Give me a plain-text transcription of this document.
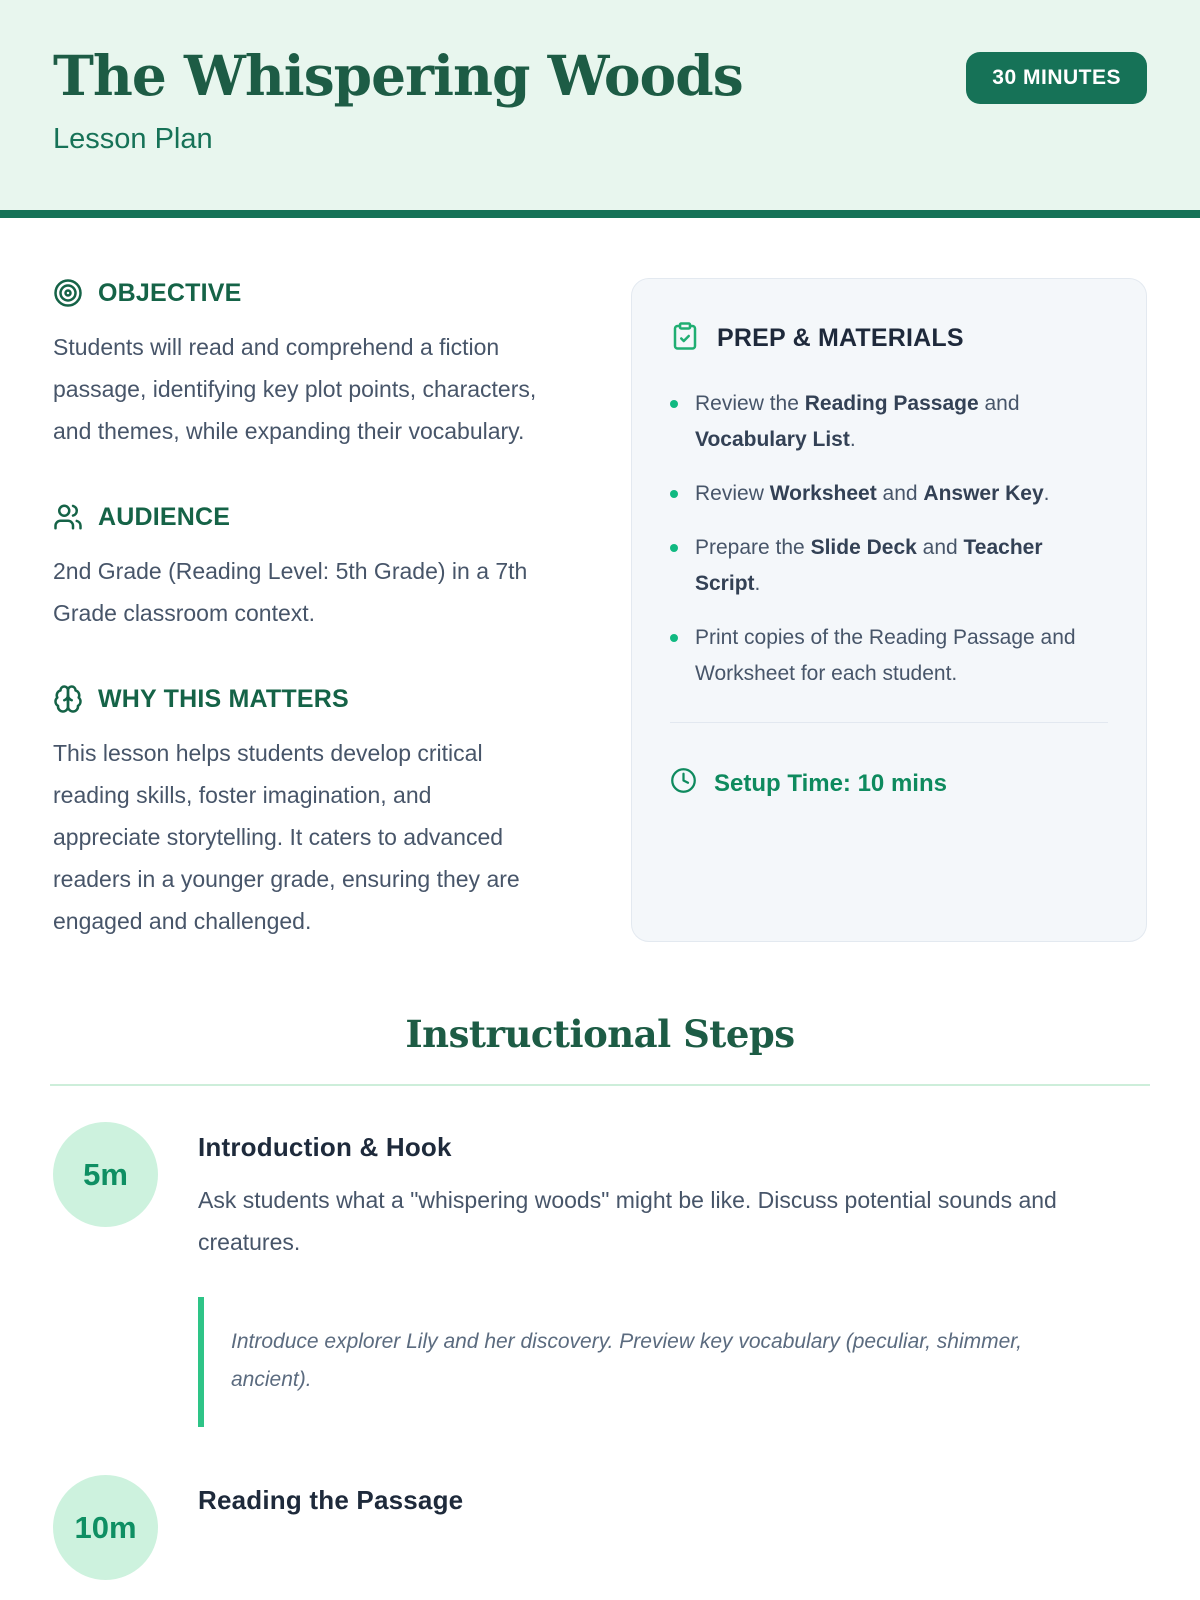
The Whispering Woods
Lesson Plan
30 MINUTES
OBJECTIVE
Students will read and comprehend a fiction passage, identifying key plot points, characters, and themes, while expanding their vocabulary.
AUDIENCE
2nd Grade (Reading Level: 5th Grade) in a 7th Grade classroom context.
WHY THIS MATTERS
This lesson helps students develop critical reading skills, foster imagination, and appreciate storytelling. It caters to advanced readers in a younger grade, ensuring they are engaged and challenged.
PREP & MATERIALS
Review the Reading Passage and Vocabulary List.
Review Worksheet and Answer Key.
Prepare the Slide Deck and Teacher Script.
Print copies of the Reading Passage and Worksheet for each student.
Setup Time: 10 mins
Instructional Steps
5m
Introduction & Hook
Ask students what a "whispering woods" might be like. Discuss potential sounds and creatures.
Introduce explorer Lily and her discovery. Preview key vocabulary (peculiar, shimmer, ancient).
10m
Reading the Passage
